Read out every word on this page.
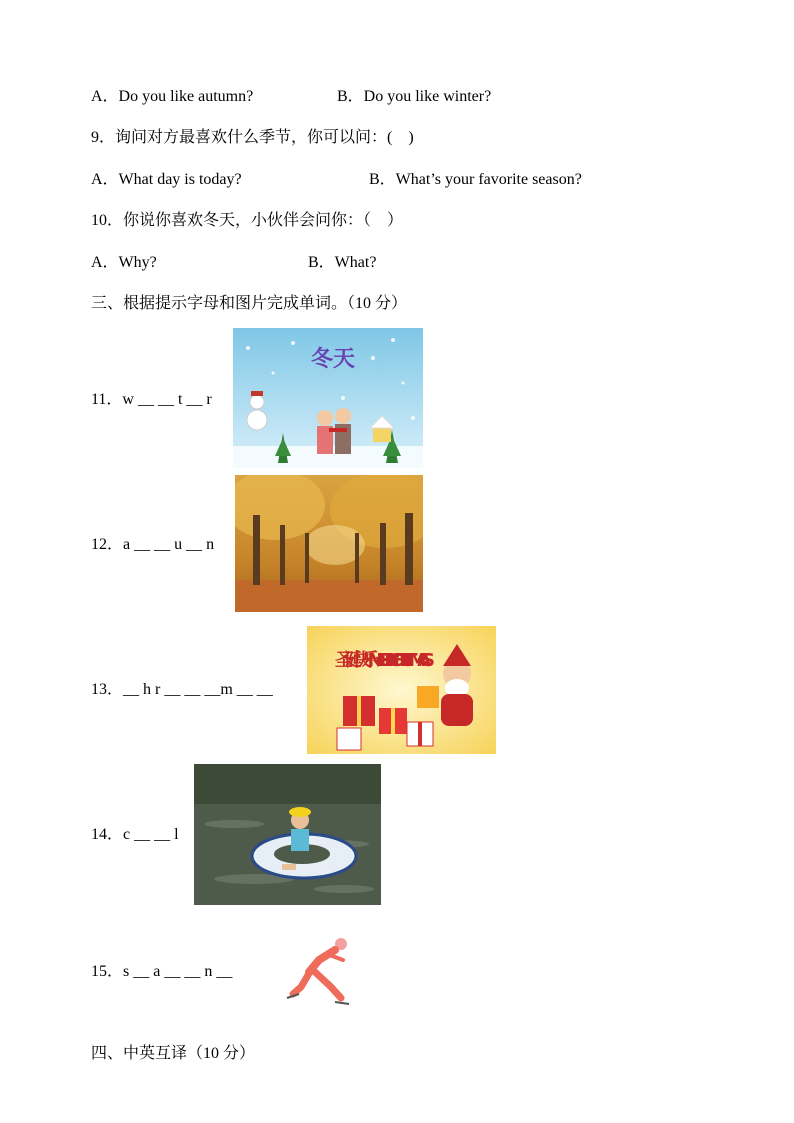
A．Do you like autumn?	B．Do you like winter?
9．询问对方最喜欢什么季节，你可以问：(    )
A．What day is today?	B．What’s your favorite season?
10．你说你喜欢冬天，小伙伴会问你：（    ）
A．Why?	B．What?
三、根据提示字母和图片完成单词。（10 分）
11．w __ __ t __ r
冬天
12．a __ __ u __ n
13．__ h r __ __ __m __ __
圣诞快乐 MERRY CHRISTMAS
14．c __ __ l
15．s __ a __ __ n __
四、中英互译（10 分）
